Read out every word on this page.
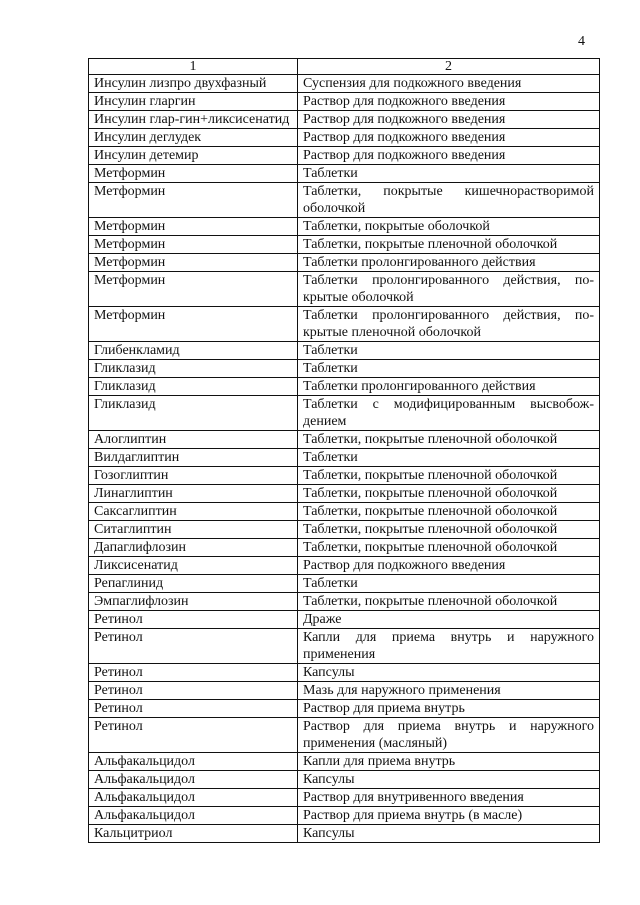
4
1	2
Инсулин лизпро двухфазный	Суспензия для подкожного введения
Инсулин гларгин	Раствор для подкожного введения
Инсулин глар-гин+ликсисенатид	Раствор для подкожного введения
Инсулин деглудек	Раствор для подкожного введения
Инсулин детемир	Раствор для подкожного введения
Метформин	Таблетки
Метформин	Таблетки, покрытые кишечнорастворимой оболочкой
Метформин	Таблетки, покрытые оболочкой
Метформин	Таблетки, покрытые пленочной оболочкой
Метформин	Таблетки пролонгированного действия
Метформин	Таблетки пролонгированного действия, по-крытые оболочкой
Метформин	Таблетки пролонгированного действия, по-крытые пленочной оболочкой
Глибенкламид	Таблетки
Гликлазид	Таблетки
Гликлазид	Таблетки пролонгированного действия
Гликлазид	Таблетки с модифицированным высвобож-дением
Алоглиптин	Таблетки, покрытые пленочной оболочкой
Вилдаглиптин	Таблетки
Гозоглиптин	Таблетки, покрытые пленочной оболочкой
Линаглиптин	Таблетки, покрытые пленочной оболочкой
Саксаглиптин	Таблетки, покрытые пленочной оболочкой
Ситаглиптин	Таблетки, покрытые пленочной оболочкой
Дапаглифлозин	Таблетки, покрытые пленочной оболочкой
Ликсисенатид	Раствор для подкожного введения
Репаглинид	Таблетки
Эмпаглифлозин	Таблетки, покрытые пленочной оболочкой
Ретинол	Драже
Ретинол	Капли для приема внутрь и наружного применения
Ретинол	Капсулы
Ретинол	Мазь для наружного применения
Ретинол	Раствор для приема внутрь
Ретинол	Раствор для приема внутрь и наружного применения (масляный)
Альфакальцидол	Капли для приема внутрь
Альфакальцидол	Капсулы
Альфакальцидол	Раствор для внутривенного введения
Альфакальцидол	Раствор для приема внутрь (в масле)
Кальцитриол	Капсулы
